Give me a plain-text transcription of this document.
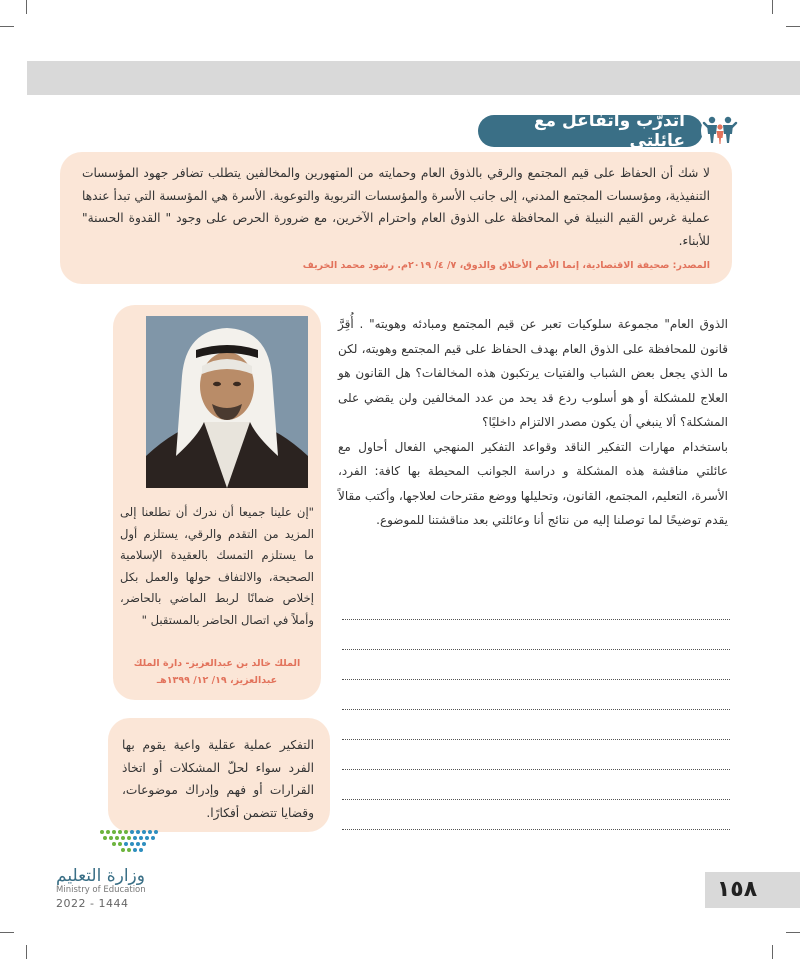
أتدرّب وأتفاعل مع عائلتي

لا شك أن الحفاظ على قيم المجتمع والرقي بالذوق العام وحمايته من المتهورين والمخالفين يتطلب تضافر جهود المؤسسات التنفيذية، ومؤسسات المجتمع المدني، إلى جانب الأسرة والمؤسسات التربوية والتوعوية. الأسرة هي المؤسسة التي تبدأ عندها عملية غرس القيم النبيلة في المحافظة على الذوق العام واحترام الآخرين، مع ضرورة الحرص على وجود " القدوة الحسنة" للأبناء.

المصدر: صحيفة الاقتصادية، إنما الأمم الأخلاق والذوق، ٧/ ٤/ ٢٠١٩م. رشود محمد الخريف

الذوق العام" مجموعة سلوكيات تعبر عن قيم المجتمع ومبادئه وهويته" . أُقِرَّ قانون للمحافظة على الذوق العام بهدف الحفاظ على قيم المجتمع وهويته، لكن ما الذي يجعل بعض الشباب والفتيات يرتكبون هذه المخالفات؟ هل القانون هو العلاج للمشكلة أو هو أسلوب ردع قد يحد من عدد المخالفين ولن يقضي على المشكلة؟ ألا ينبغي أن يكون مصدر الالتزام داخليًا؟

باستخدام مهارات التفكير الناقد وقواعد التفكير المنهجي الفعال أحاول مع عائلتي مناقشة هذه المشكلة و دراسة الجوانب المحيطة بها كافة: الفرد، الأسرة، التعليم، المجتمع، القانون، وتحليلها ووضع مقترحات لعلاجها، وأكتب مقالاً يقدم توضيحًا لما توصلنا إليه من نتائج أنا وعائلتي بعد مناقشتنا للموضوع.

"إن علينا جميعا أن ندرك أن تطلعنا إلى المزيد من التقدم والرقي، يستلزم أول ما يستلزم التمسك بالعقيدة الإسلامية الصحيحة، والالتفاف حولها والعمل بكل إخلاص ضمانًا لربط الماضي بالحاضر، وأملاً في اتصال الحاضر بالمستقبل "
الملك خالد بن عبدالعزيز- دارة الملك
عبدالعزيز، ١٩/ ١٢/ ١٣٩٩هـ

التفكير عملية عقلية واعية يقوم بها الفرد سواء لحلّ المشكلات أو اتخاذ القرارات أو فهم وإدراك موضوعات، وقضايا تتضمن أفكارًا.

وزارة التعليم
Ministry of Education
2022 - 1444
١٥٨
